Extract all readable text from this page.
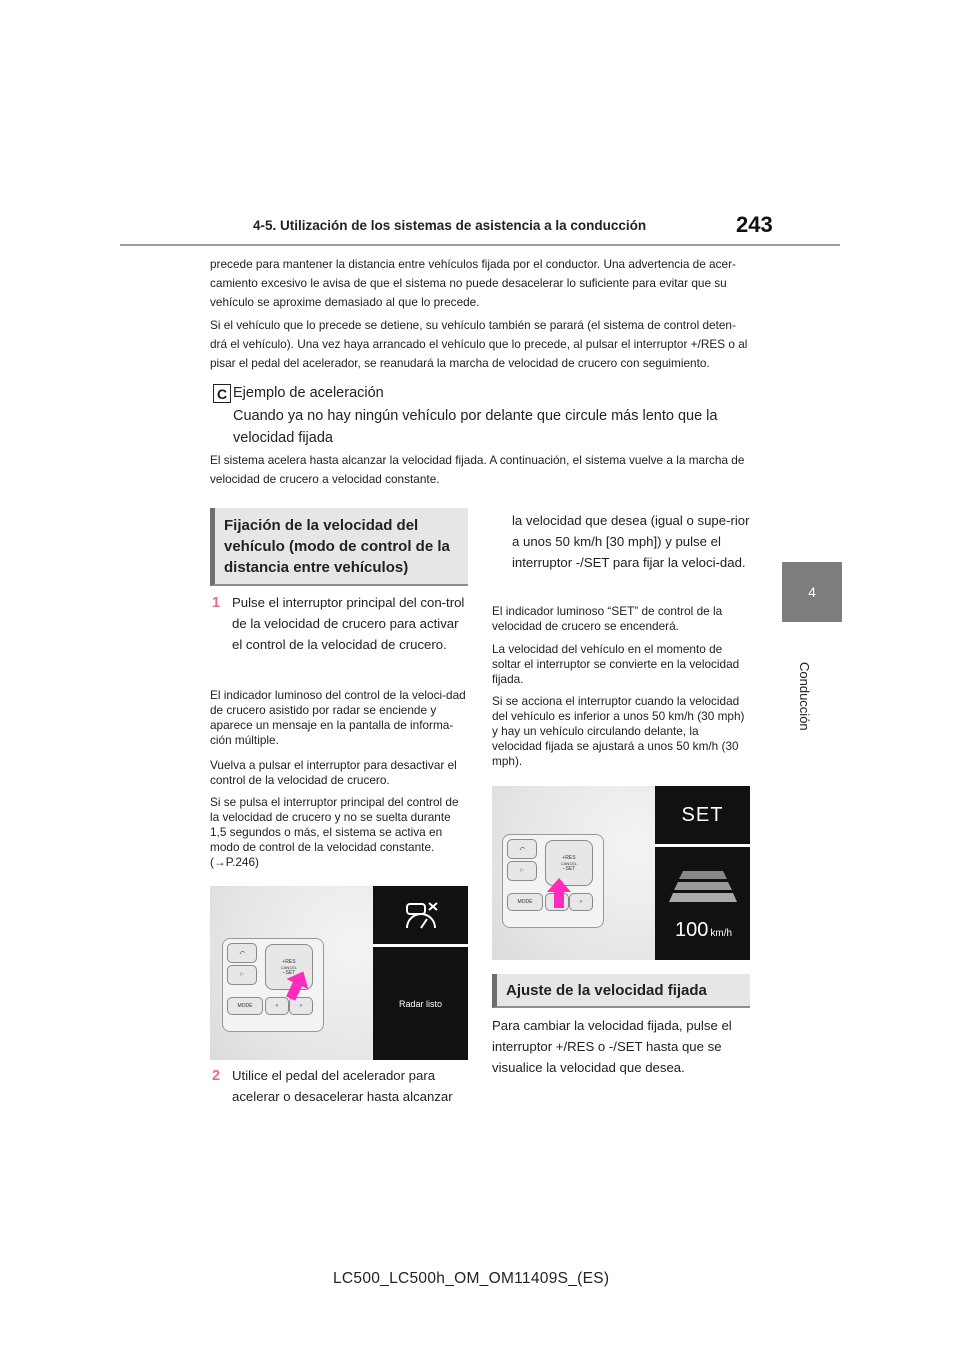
4-5. Utilización de los sistemas de asistencia a la conducción	243
4
Conducción
precede para mantener la distancia entre vehículos fijada por el conductor. Una advertencia de acer-camiento excesivo le avisa de que el sistema no puede desacelerar lo suficiente para evitar que su vehículo se aproxime demasiado al que lo precede.
Si el vehículo que lo precede se detiene, su vehículo también se parará (el sistema de control deten-drá el vehículo). Una vez haya arrancado el vehículo que lo precede, al pulsar el interruptor +/RES o al pisar el pedal del acelerador, se reanudará la marcha de velocidad de crucero con seguimiento.
C Ejemplo de aceleración
Cuando ya no hay ningún vehículo por delante que circule más lento que la velocidad fijada
El sistema acelera hasta alcanzar la velocidad fijada. A continuación, el sistema vuelve a la marcha de velocidad de crucero a velocidad constante.
Fijación de la velocidad del vehículo (modo de control de la distancia entre vehículos)
1 Pulse el interruptor principal del con-trol de la velocidad de crucero para activar el control de la velocidad de crucero.
El indicador luminoso del control de la veloci-dad de crucero asistido por radar se enciende y aparece un mensaje en la pantalla de informa-ción múltiple.
Vuelva a pulsar el interruptor para desactivar el control de la velocidad de crucero.
Si se pulsa el interruptor principal del control de la velocidad de crucero y no se suelta durante 1,5 segundos o más, el sistema se activa en modo de control de la velocidad constante. (→P.246)
⤺
⚐
MODE
+RES
CANCEL
−SET
<	>	Radar listo
2 Utilice el pedal del acelerador para acelerar o desacelerar hasta alcanzar
la velocidad que desea (igual o supe-rior a unos 50 km/h [30 mph]) y pulse el interruptor -/SET para fijar la veloci-dad.
El indicador luminoso “SET” de control de la velocidad de crucero se encenderá.
La velocidad del vehículo en el momento de soltar el interruptor se convierte en la velocidad fijada.
Si se acciona el interruptor cuando la velocidad del vehículo es inferior a unos 50 km/h (30 mph) y hay un vehículo circulando delante, la velocidad fijada se ajustará a unos 50 km/h (30 mph).
⤺
⚐
MODE
+RES
CANCEL
−SET
>
SET
100 km/h
Ajuste de la velocidad fijada
Para cambiar la velocidad fijada, pulse el interruptor +/RES o -/SET hasta que se visualice la velocidad que desea.
LC500_LC500h_OM_OM11409S_(ES)
